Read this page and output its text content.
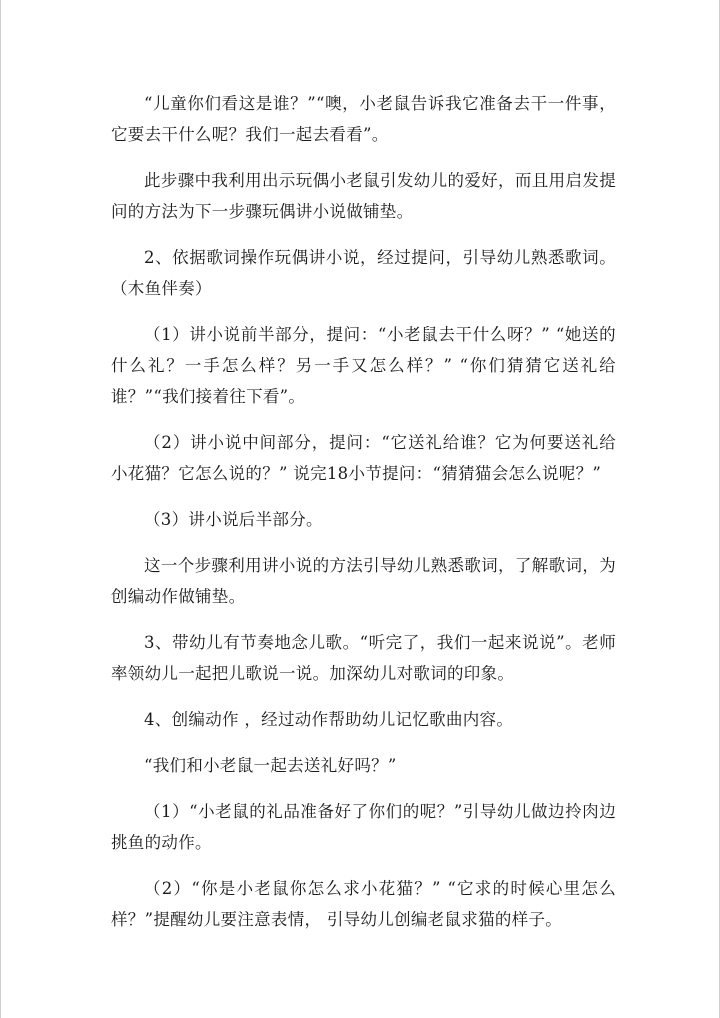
“儿童你们看这是谁？”“噢，小老鼠告诉我它准备去干一件事，它要去干什么呢？我们一起去看看”。

此步骤中我利用出示玩偶小老鼠引发幼儿的爱好，而且用启发提问的方法为下一步骤玩偶讲小说做铺垫。

2、依据歌词操作玩偶讲小说，经过提问，引导幼儿熟悉歌词。（木鱼伴奏）

（1）讲小说前半部分，提问：“小老鼠去干什么呀？” “她送的什么礼？一手怎么样？另一手又怎么样？” “你们猜猜它送礼给谁？”“我们接着往下看”。

（2）讲小说中间部分，提问：“它送礼给谁？它为何要送礼给小花猫？它怎么说的？” 说完18小节提问：“猜猜猫会怎么说呢？”

（3）讲小说后半部分。

这一个步骤利用讲小说的方法引导幼儿熟悉歌词，了解歌词，为创编动作做铺垫。

3、带幼儿有节奏地念儿歌。“听完了，我们一起来说说”。老师率领幼儿一起把儿歌说一说。加深幼儿对歌词的印象。

4、创编动作 ，经过动作帮助幼儿记忆歌曲内容。

“我们和小老鼠一起去送礼好吗？”

（1）“小老鼠的礼品准备好了你们的呢？”引导幼儿做边拎肉边挑鱼的动作。

（2）“你是小老鼠你怎么求小花猫？” “它求的时候心里怎么样？”提醒幼儿要注意表情， 引导幼儿创编老鼠求猫的样子。
